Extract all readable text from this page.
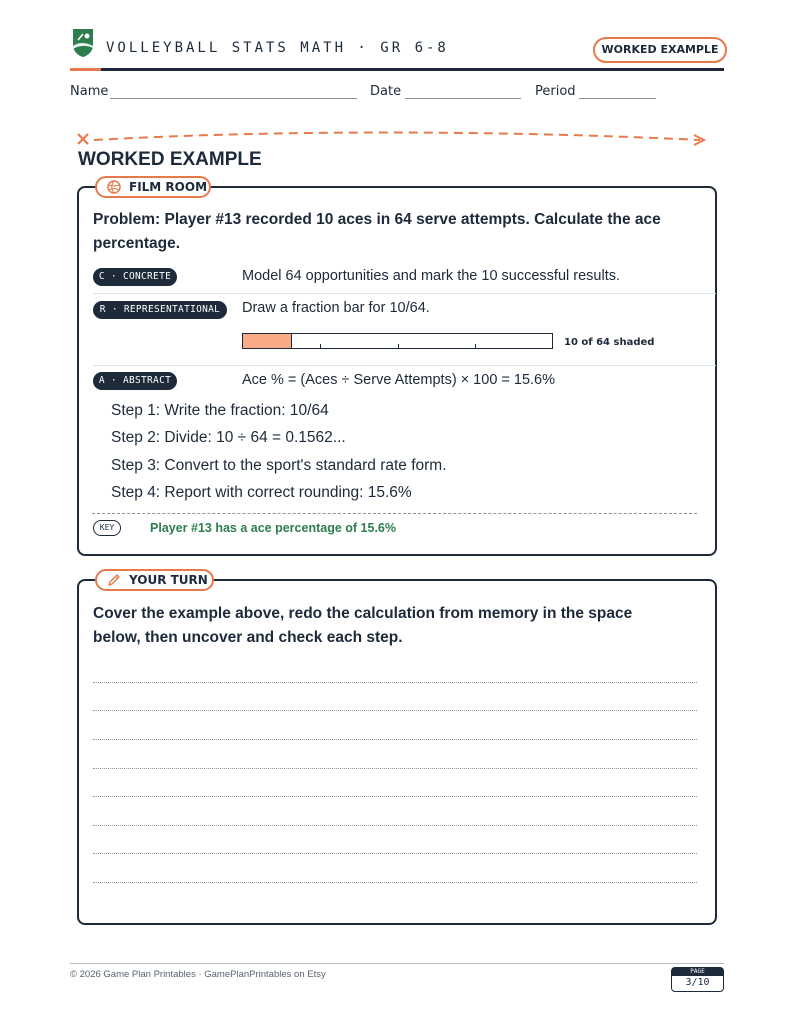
VOLLEYBALL STATS MATH · GR 6-8	WORKED EXAMPLE
Name	Date	Period
WORKED EXAMPLE
FILM ROOM
Problem: Player #13 recorded 10 aces in 64 serve attempts. Calculate the ace percentage.
C · CONCRETE	Model 64 opportunities and mark the 10 successful results.
R · REPRESENTATIONAL	Draw a fraction bar for 10/64.
10 of 64 shaded
A · ABSTRACT	Ace % = (Aces ÷ Serve Attempts) × 100 = 15.6%
Step 1: Write the fraction: 10/64
Step 2: Divide: 10 ÷ 64 = 0.1562...
Step 3: Convert to the sport's standard rate form.
Step 4: Report with correct rounding: 15.6%
KEY	Player #13 has a ace percentage of 15.6%
YOUR TURN
Cover the example above, redo the calculation from memory in the space below, then uncover and check each step.
© 2026 Game Plan Printables · GamePlanPrintables on Etsy	PAGE
3/10
